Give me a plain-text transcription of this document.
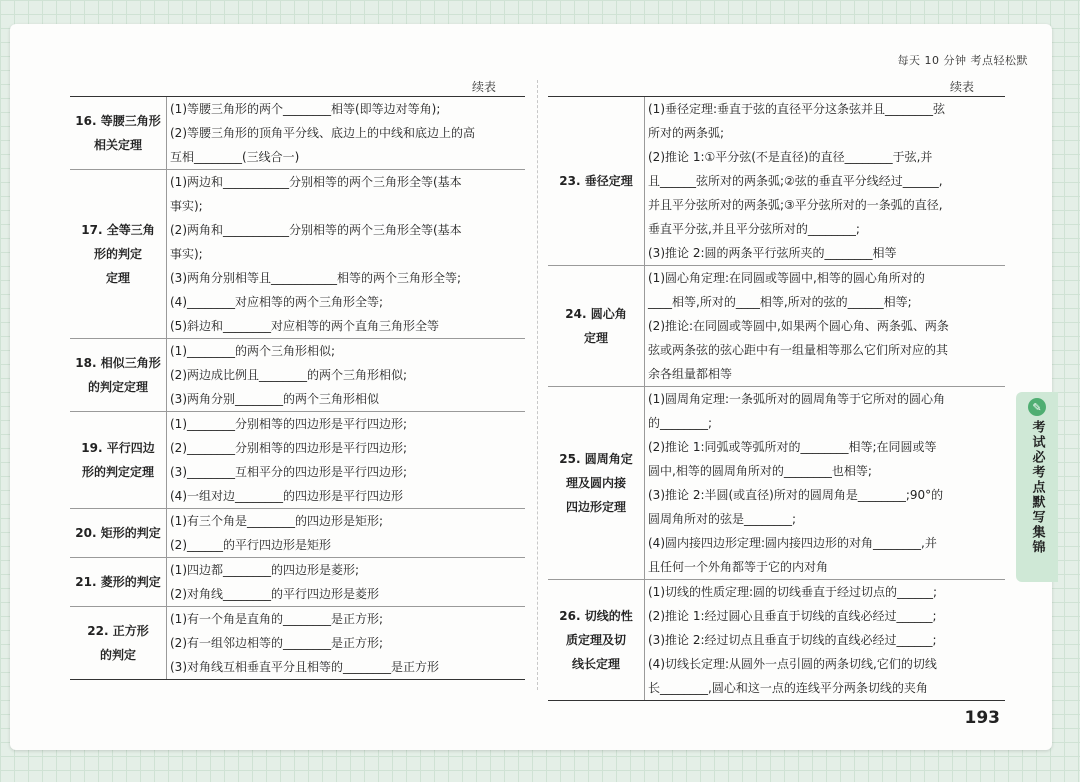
每天 10 分钟 考点轻松默
续表	续表
16. 等腰三角形
相关定理
(1)等腰三角形的两个________相等(即等边对等角);
(2)等腰三角形的顶角平分线、底边上的中线和底边上的高
互相________(三线合一)
17. 全等三角
形的判定
定理
(1)两边和___________分别相等的两个三角形全等(基本
事实);
(2)两角和___________分别相等的两个三角形全等(基本
事实);
(3)两角分别相等且___________相等的两个三角形全等;
(4)________对应相等的两个三角形全等;
(5)斜边和________对应相等的两个直角三角形全等
18. 相似三角形
的判定定理
(1)________的两个三角形相似;
(2)两边成比例且________的两个三角形相似;
(3)两角分别________的两个三角形相似
19. 平行四边
形的判定定理
(1)________分别相等的四边形是平行四边形;
(2)________分别相等的四边形是平行四边形;
(3)________互相平分的四边形是平行四边形;
(4)一组对边________的四边形是平行四边形
20. 矩形的判定
(1)有三个角是________的四边形是矩形;
(2)______的平行四边形是矩形
21. 菱形的判定
(1)四边都________的四边形是菱形;
(2)对角线________的平行四边形是菱形
22. 正方形
的判定
(1)有一个角是直角的________是正方形;
(2)有一组邻边相等的________是正方形;
(3)对角线互相垂直平分且相等的________是正方形
23. 垂径定理
(1)垂径定理:垂直于弦的直径平分这条弦并且________弦
所对的两条弧;
(2)推论 1:①平分弦(不是直径)的直径________于弦,并
且______弦所对的两条弧;②弦的垂直平分线经过______,
并且平分弦所对的两条弧;③平分弦所对的一条弧的直径,
垂直平分弦,并且平分弦所对的________;
(3)推论 2:圆的两条平行弦所夹的________相等
24. 圆心角
定理
(1)圆心角定理:在同圆或等圆中,相等的圆心角所对的
____相等,所对的____相等,所对的弦的______相等;
(2)推论:在同圆或等圆中,如果两个圆心角、两条弧、两条
弦或两条弦的弦心距中有一组量相等那么它们所对应的其
余各组量都相等
25. 圆周角定
理及圆内接
四边形定理
(1)圆周角定理:一条弧所对的圆周角等于它所对的圆心角
的________;
(2)推论 1:同弧或等弧所对的________相等;在同圆或等
圆中,相等的圆周角所对的________也相等;
(3)推论 2:半圆(或直径)所对的圆周角是________;90°的
圆周角所对的弦是________;
(4)圆内接四边形定理:圆内接四边形的对角________,并
且任何一个外角都等于它的内对角
26. 切线的性
质定理及切
线长定理
(1)切线的性质定理:圆的切线垂直于经过切点的______;
(2)推论 1:经过圆心且垂直于切线的直线必经过______;
(3)推论 2:经过切点且垂直于切线的直线必经过______;
(4)切线长定理:从圆外一点引圆的两条切线,它们的切线
长________,圆心和这一点的连线平分两条切线的夹角
✎
考试必考点默写集锦
193
